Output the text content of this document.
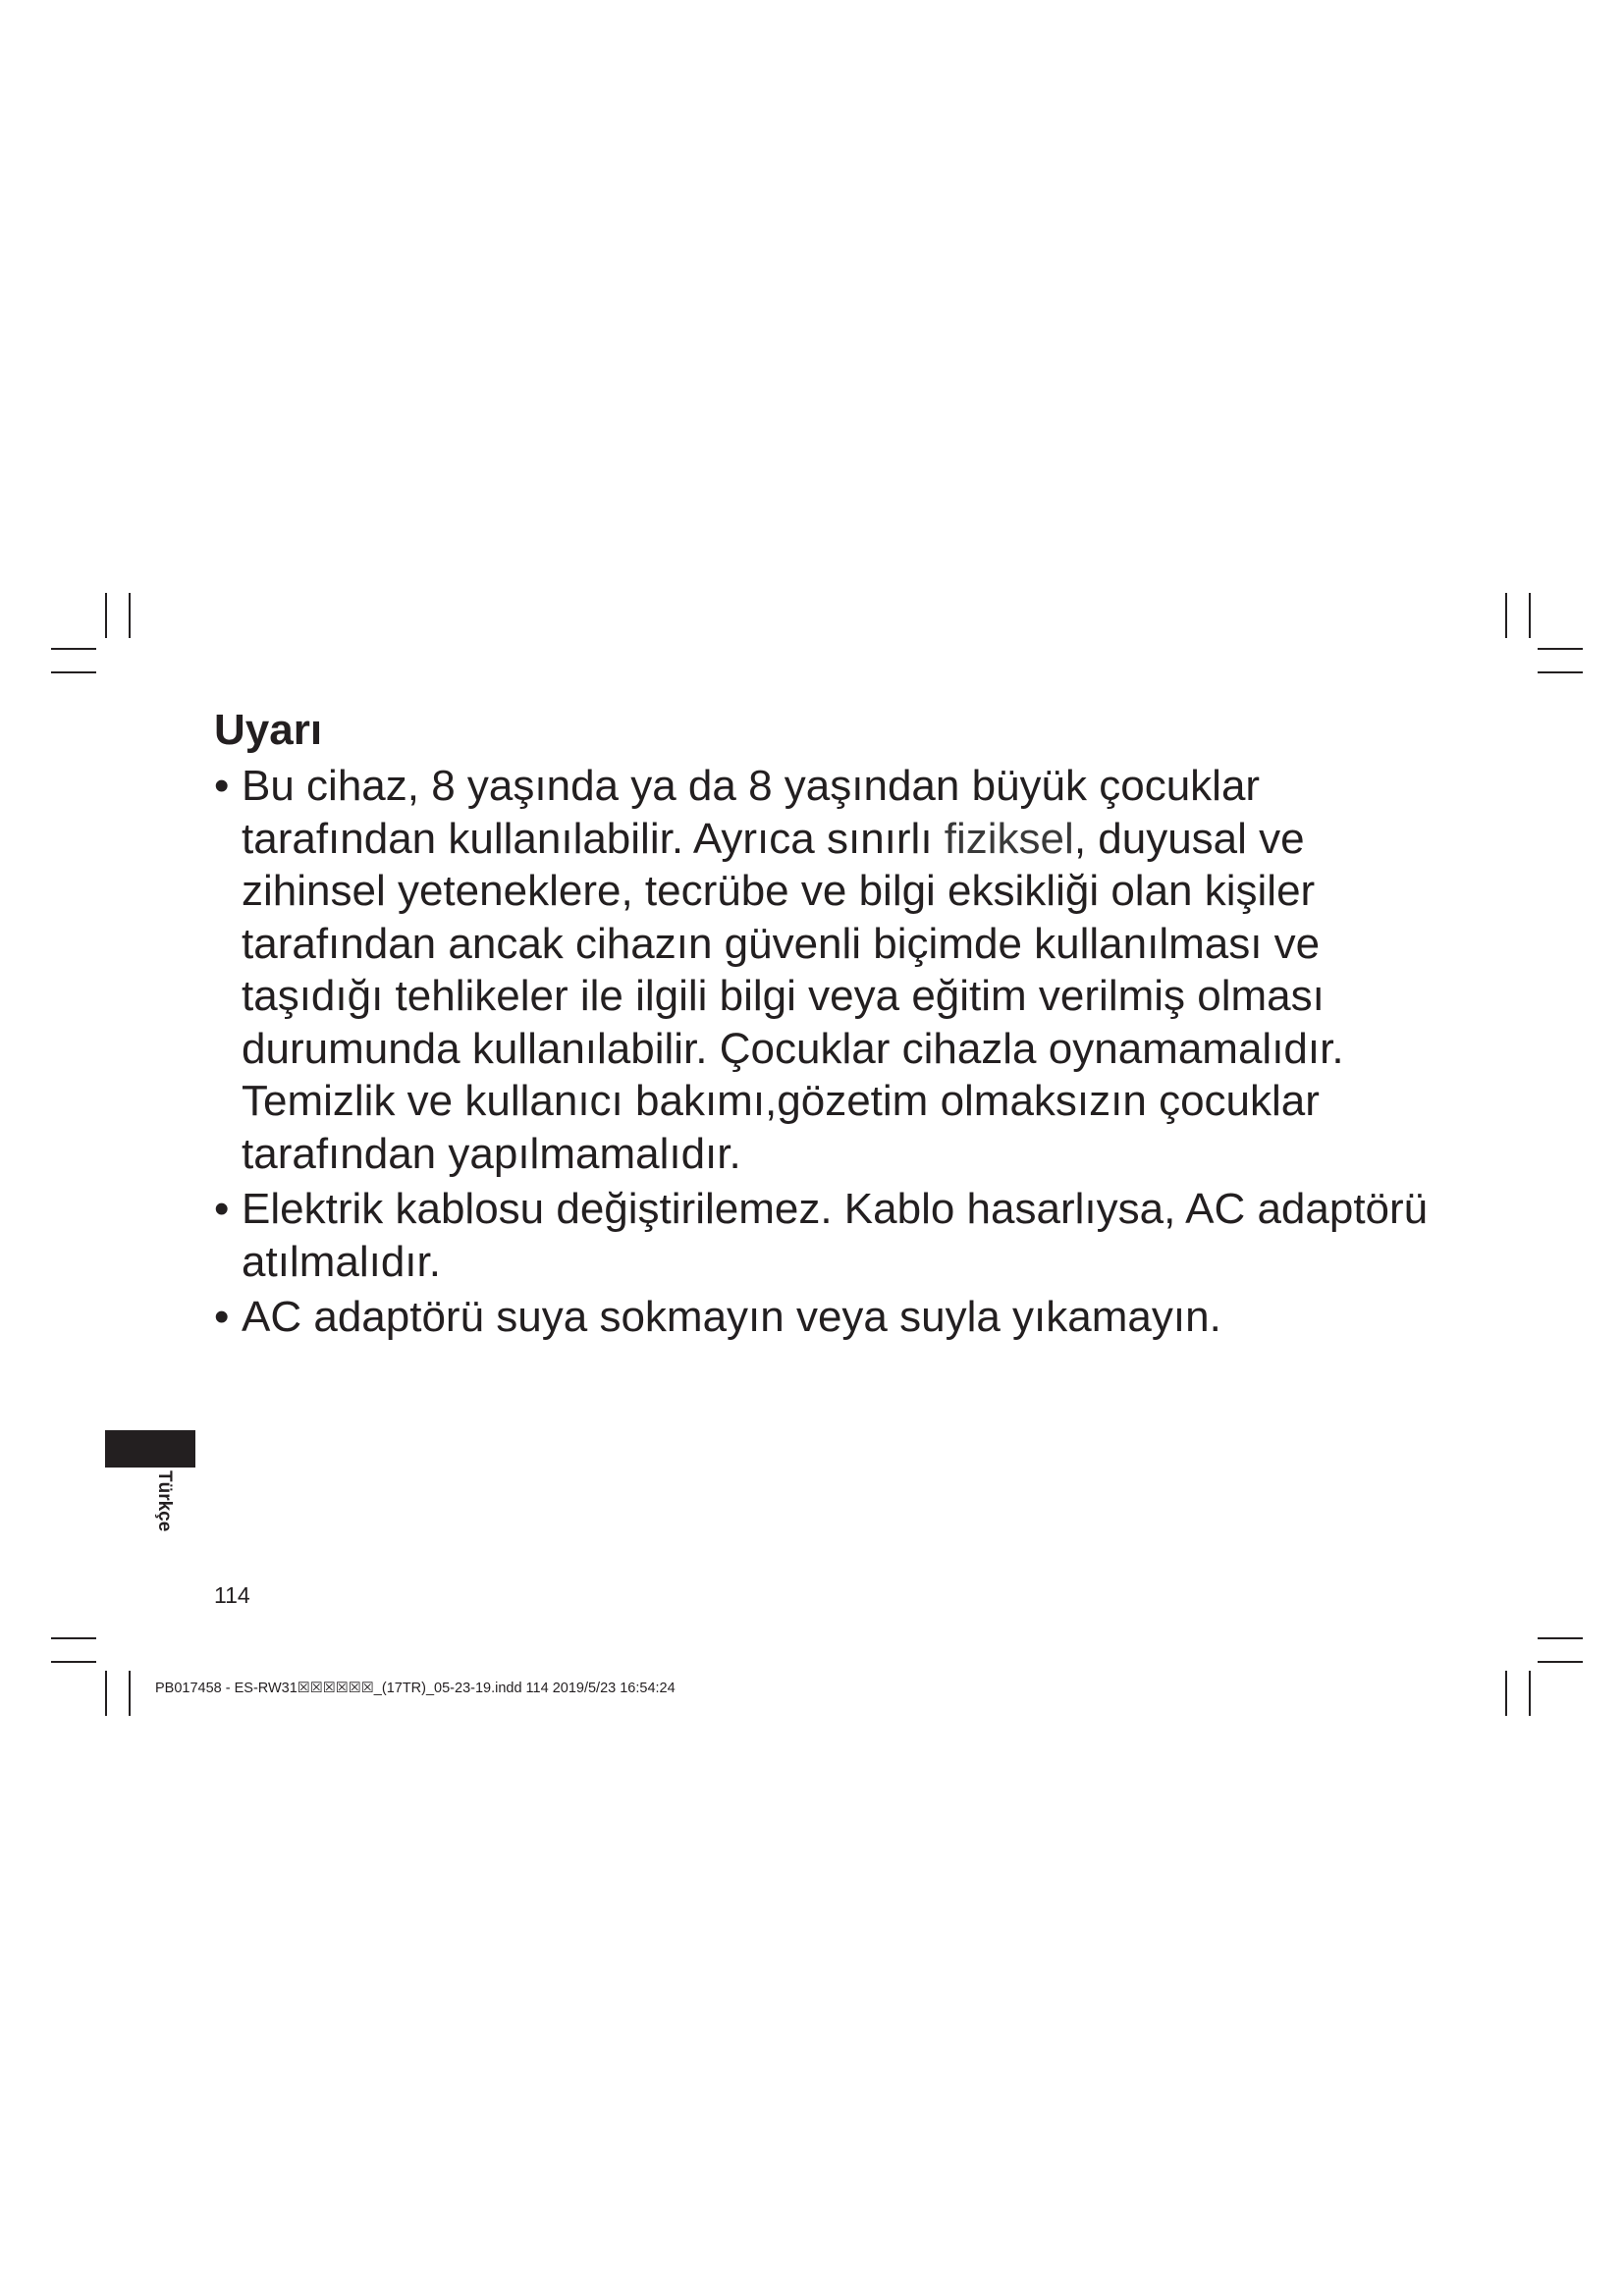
Uyarı
• Bu cihaz, 8 yaşında ya da 8 yaşından büyük çocuklar tarafından kullanılabilir. Ayrıca sınırlı fiziksel, duyusal ve zihinsel yeteneklere, tecrübe ve bilgi eksikliği olan kişiler tarafından ancak cihazın güvenli biçimde kullanılması ve taşıdığı tehlikeler ile ilgili bilgi veya eğitim verilmiş olması durumunda kullanılabilir. Çocuklar cihazla oynamamalıdır. Temizlik ve kullanıcı bakımı,gözetim olmaksızın çocuklar tarafından yapılmamalıdır.
• Elektrik kablosu değiştirilemez. Kablo hasarlıysa, AC adaptörü atılmalıdır.
• AC adaptörü suya sokmayın veya suyla yıkamayın.
Türkçe
114
PB017458 - ES-RW31☒☒☒☒☒☒_(17TR)_05-23-19.indd 114 2019/5/23 16:54:24
